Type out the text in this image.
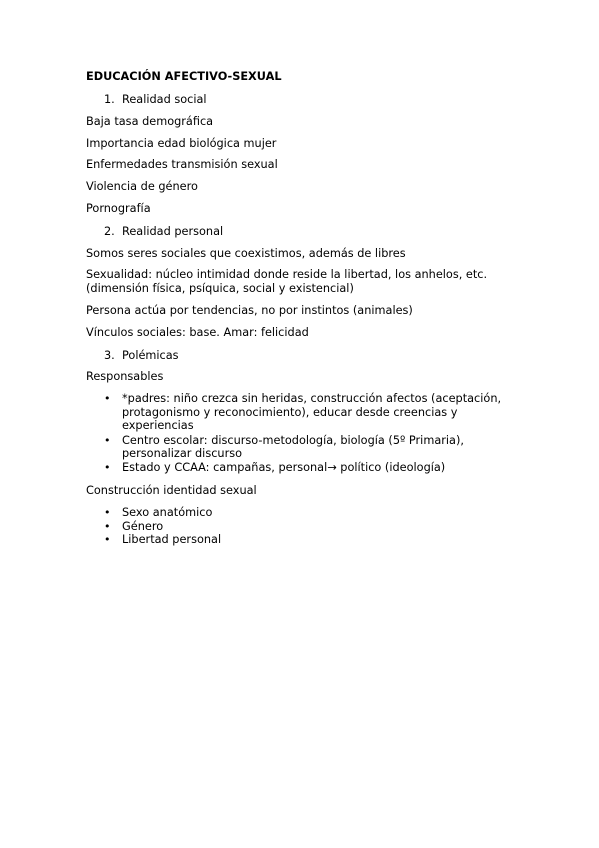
EDUCACIÓN AFECTIVO-SEXUAL
1. Realidad social
Baja tasa demográfica
Importancia edad biológica mujer
Enfermedades transmisión sexual
Violencia de género
Pornografía
2. Realidad personal
Somos seres sociales que coexistimos, además de libres
Sexualidad: núcleo intimidad donde reside la libertad, los anhelos, etc.
(dimensión física, psíquica, social y existencial)
Persona actúa por tendencias, no por instintos (animales)
Vínculos sociales: base. Amar: felicidad
3. Polémicas
Responsables
• *padres: niño crezca sin heridas, construcción afectos (aceptación,
protagonismo y reconocimiento), educar desde creencias y
experiencias
• Centro escolar: discurso-metodología, biología (5º Primaria),
personalizar discurso
• Estado y CCAA: campañas, personal→ político (ideología)
Construcción identidad sexual
• Sexo anatómico
• Género
• Libertad personal
